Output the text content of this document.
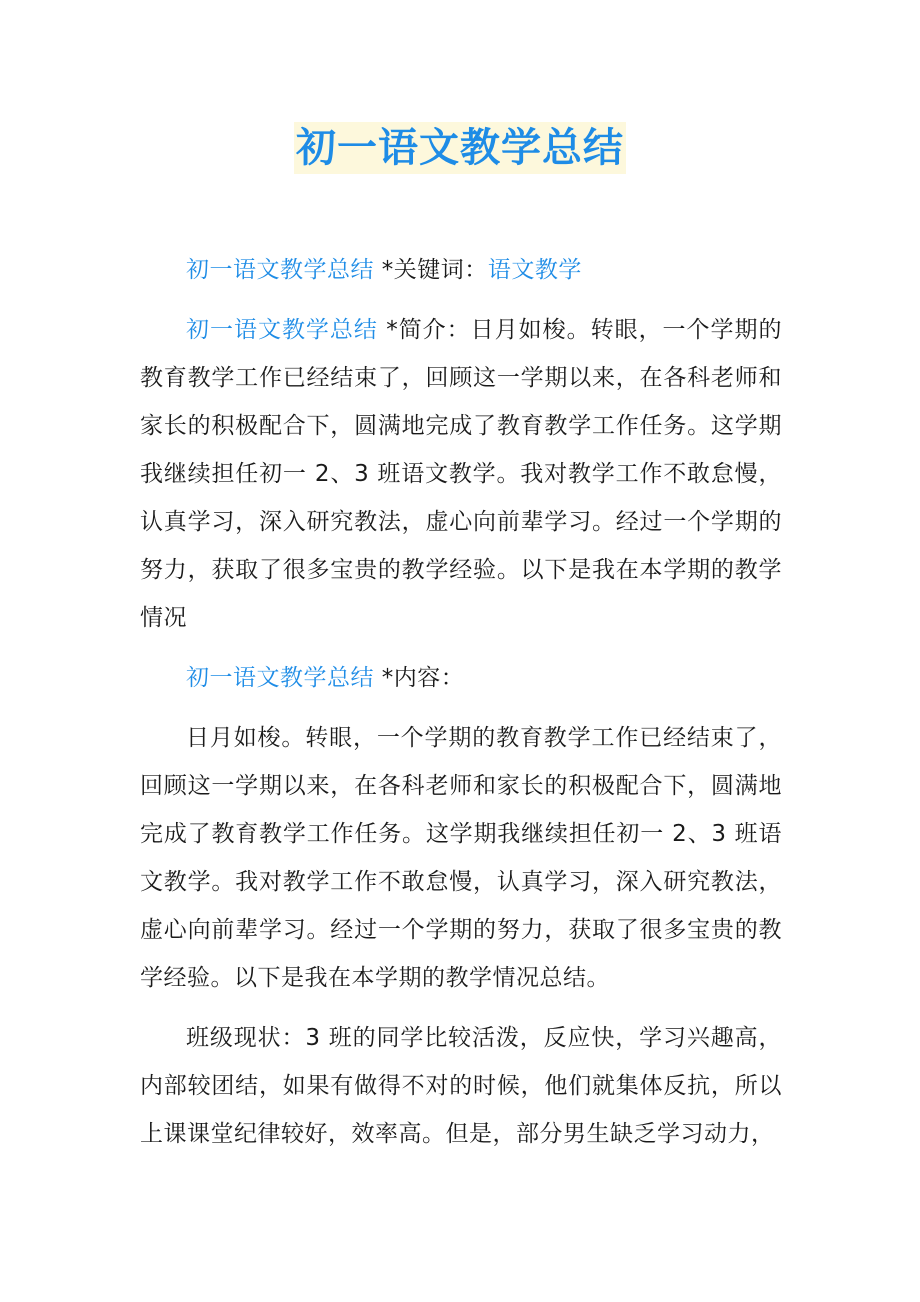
初一语文教学总结

初一语文教学总结 *关键词：语文教学

初一语文教学总结 *简介：日月如梭。转眼，一个学期的教育教学工作已经结束了，回顾这一学期以来，在各科老师和家长的积极配合下，圆满地完成了教育教学工作任务。这学期我继续担任初一 2、3 班语文教学。我对教学工作不敢怠慢，认真学习，深入研究教法，虚心向前辈学习。经过一个学期的努力，获取了很多宝贵的教学经验。以下是我在本学期的教学情况

初一语文教学总结 *内容：

日月如梭。转眼，一个学期的教育教学工作已经结束了，回顾这一学期以来，在各科老师和家长的积极配合下，圆满地完成了教育教学工作任务。这学期我继续担任初一 2、3 班语文教学。我对教学工作不敢怠慢，认真学习，深入研究教法，虚心向前辈学习。经过一个学期的努力，获取了很多宝贵的教学经验。以下是我在本学期的教学情况总结。

班级现状：3 班的同学比较活泼，反应快，学习兴趣高，内部较团结，如果有做得不对的时候，他们就集体反抗，所以上课课堂纪律较好，效率高。但是，部分男生缺乏学习动力，
